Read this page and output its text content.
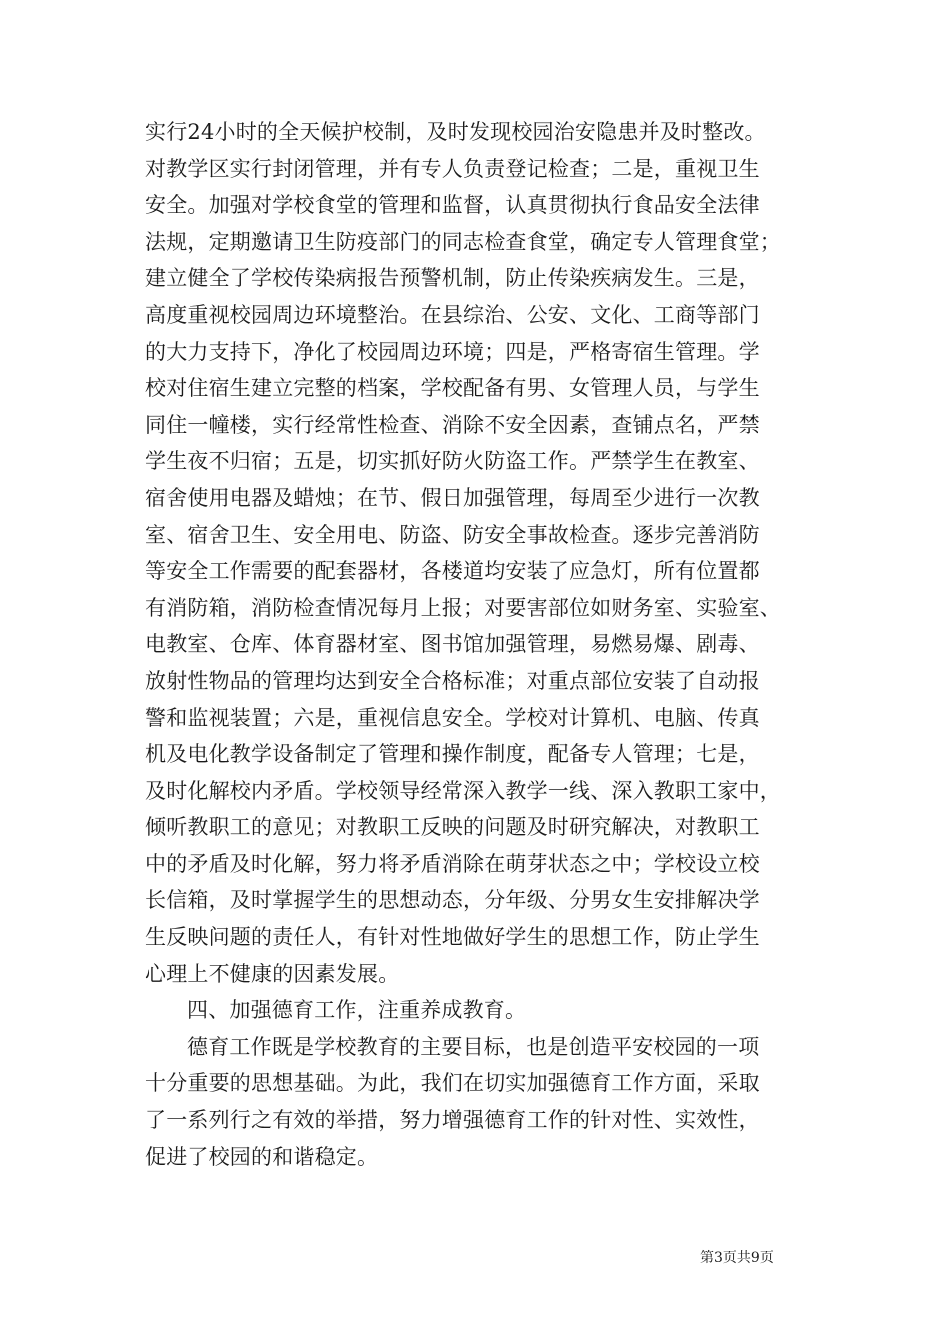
实行24小时的全天候护校制，及时发现校园治安隐患并及时整改。
对教学区实行封闭管理，并有专人负责登记检查；二是，重视卫生
安全。加强对学校食堂的管理和监督，认真贯彻执行食品安全法律
法规，定期邀请卫生防疫部门的同志检查食堂，确定专人管理食堂；
建立健全了学校传染病报告预警机制，防止传染疾病发生。三是，
高度重视校园周边环境整治。在县综治、公安、文化、工商等部门
的大力支持下，净化了校园周边环境；四是，严格寄宿生管理。学
校对住宿生建立完整的档案，学校配备有男、女管理人员，与学生
同住一幢楼，实行经常性检查、消除不安全因素，查铺点名，严禁
学生夜不归宿；五是，切实抓好防火防盗工作。严禁学生在教室、
宿舍使用电器及蜡烛；在节、假日加强管理，每周至少进行一次教
室、宿舍卫生、安全用电、防盗、防安全事故检查。逐步完善消防
等安全工作需要的配套器材，各楼道均安装了应急灯，所有位置都
有消防箱，消防检查情况每月上报；对要害部位如财务室、实验室、
电教室、仓库、体育器材室、图书馆加强管理，易燃易爆、剧毒、
放射性物品的管理均达到安全合格标准；对重点部位安装了自动报
警和监视装置；六是，重视信息安全。学校对计算机、电脑、传真
机及电化教学设备制定了管理和操作制度，配备专人管理；七是，
及时化解校内矛盾。学校领导经常深入教学一线、深入教职工家中，
倾听教职工的意见；对教职工反映的问题及时研究解决，对教职工
中的矛盾及时化解，努力将矛盾消除在萌芽状态之中；学校设立校
长信箱，及时掌握学生的思想动态，分年级、分男女生安排解决学
生反映问题的责任人，有针对性地做好学生的思想工作，防止学生
心理上不健康的因素发展。
四、加强德育工作，注重养成教育。
德育工作既是学校教育的主要目标，也是创造平安校园的一项
十分重要的思想基础。为此，我们在切实加强德育工作方面，采取
了一系列行之有效的举措，努力增强德育工作的针对性、实效性，
促进了校园的和谐稳定。
第3页共9页
